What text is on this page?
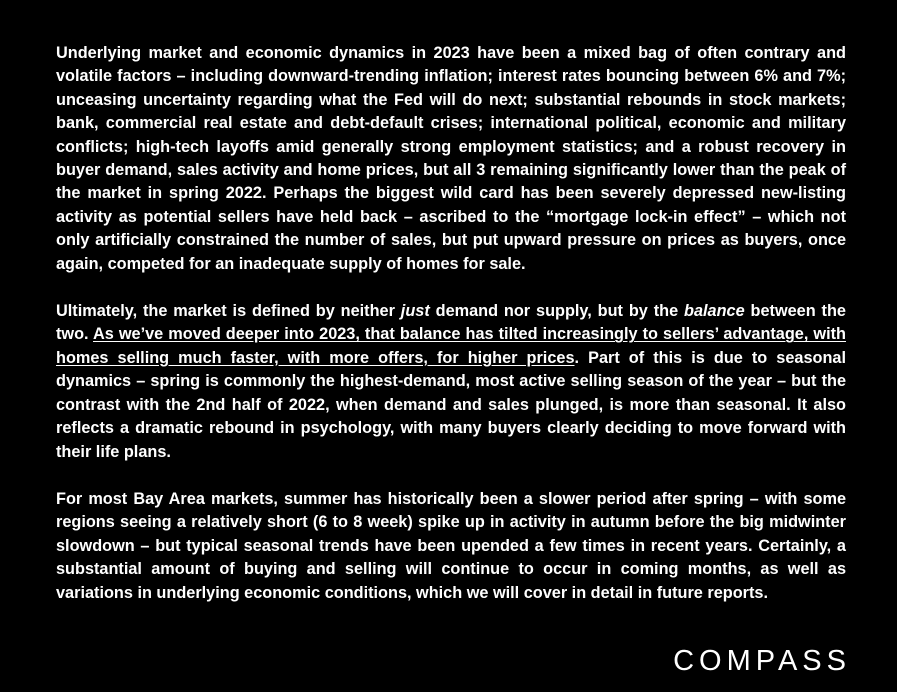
Underlying market and economic dynamics in 2023 have been a mixed bag of often contrary and volatile factors – including downward-trending inflation; interest rates bouncing between 6% and 7%; unceasing uncertainty regarding what the Fed will do next; substantial rebounds in stock markets; bank, commercial real estate and debt-default crises; international political, economic and military conflicts; high-tech layoffs amid generally strong employment statistics; and a robust recovery in buyer demand, sales activity and home prices, but all 3 remaining significantly lower than the peak of the market in spring 2022. Perhaps the biggest wild card has been severely depressed new-listing activity as potential sellers have held back – ascribed to the “mortgage lock-in effect” – which not only artificially constrained the number of sales, but put upward pressure on prices as buyers, once again, competed for an inadequate supply of homes for sale.

Ultimately, the market is defined by neither just demand nor supply, but by the balance between the two. As we’ve moved deeper into 2023, that balance has tilted increasingly to sellers’ advantage, with homes selling much faster, with more offers, for higher prices. Part of this is due to seasonal dynamics – spring is commonly the highest-demand, most active selling season of the year – but the contrast with the 2nd half of 2022, when demand and sales plunged, is more than seasonal. It also reflects a dramatic rebound in psychology, with many buyers clearly deciding to move forward with their life plans.

For most Bay Area markets, summer has historically been a slower period after spring – with some regions seeing a relatively short (6 to 8 week) spike up in activity in autumn before the big midwinter slowdown – but typical seasonal trends have been upended a few times in recent years. Certainly, a substantial amount of buying and selling will continue to occur in coming months, as well as variations in underlying economic conditions, which we will cover in detail in future reports.

COMPASS
